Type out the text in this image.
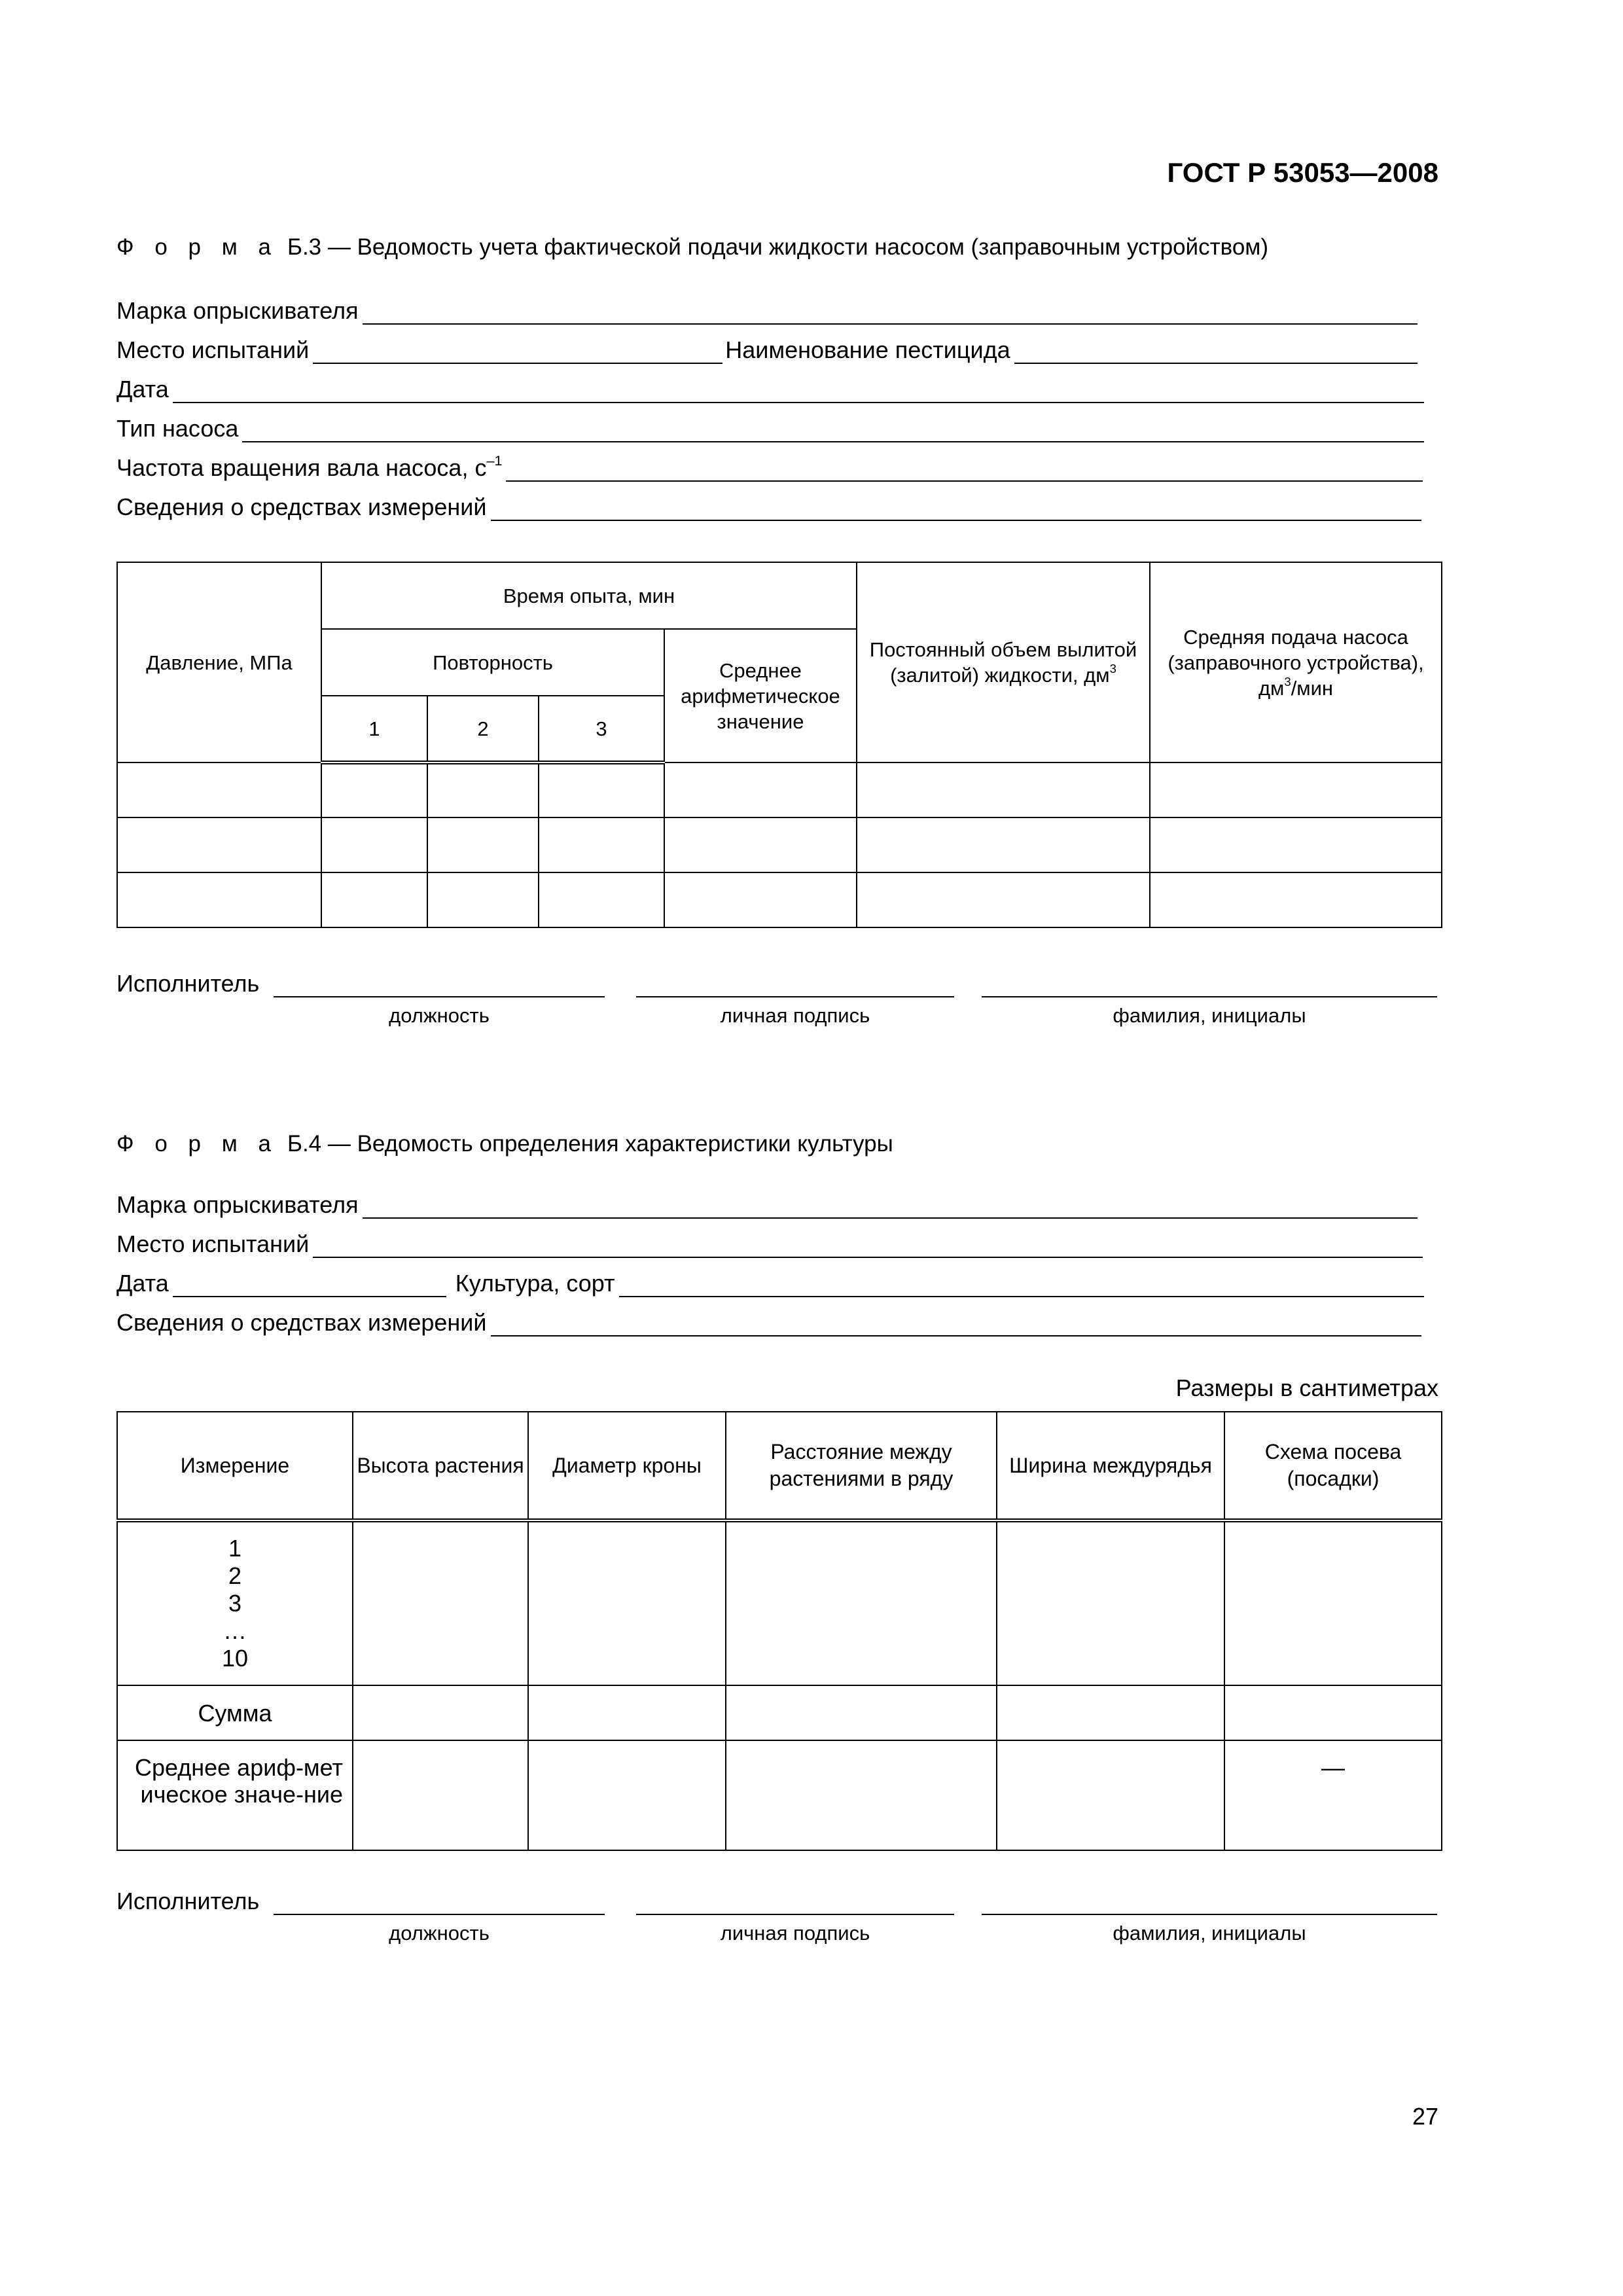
ГОСТ Р 53053—2008
Ф о р м а Б.3 — Ведомость учета фактической подачи жидкости насосом (заправочным устройством)
Марка опрыскивателя
Место испытаний	Наименование пестицида
Дата
Тип насоса
Частота вращения вала насоса, $с^{-1}$
Сведения о средствах измерений
Давление, МПа	Время опыта, мин				Постоянный объем вылитой (залитой) жидкости, $дм^3$	Средняя подача насоса (заправочного устройства), $дм^3$/мин
	Повторность			Среднее арифметическое значение		
	1	2	3			

Исполнитель
должность	личная подпись	фамилия, инициалы
Ф о р м а Б.4 — Ведомость определения характеристики культуры
Марка опрыскивателя
Место испытаний
Дата	Культура, сорт
Сведения о средствах измерений
Размеры в сантиметрах
Измерение	Высота растения	Диаметр кроны	Расстояние между растениями в ряду	Ширина междурядья	Схема посева (посадки)

1
2
3
…
10					

Сумма					
Среднее ариф-метическое значе-ние					—
Исполнитель
должность	личная подпись	фамилия, инициалы
27
